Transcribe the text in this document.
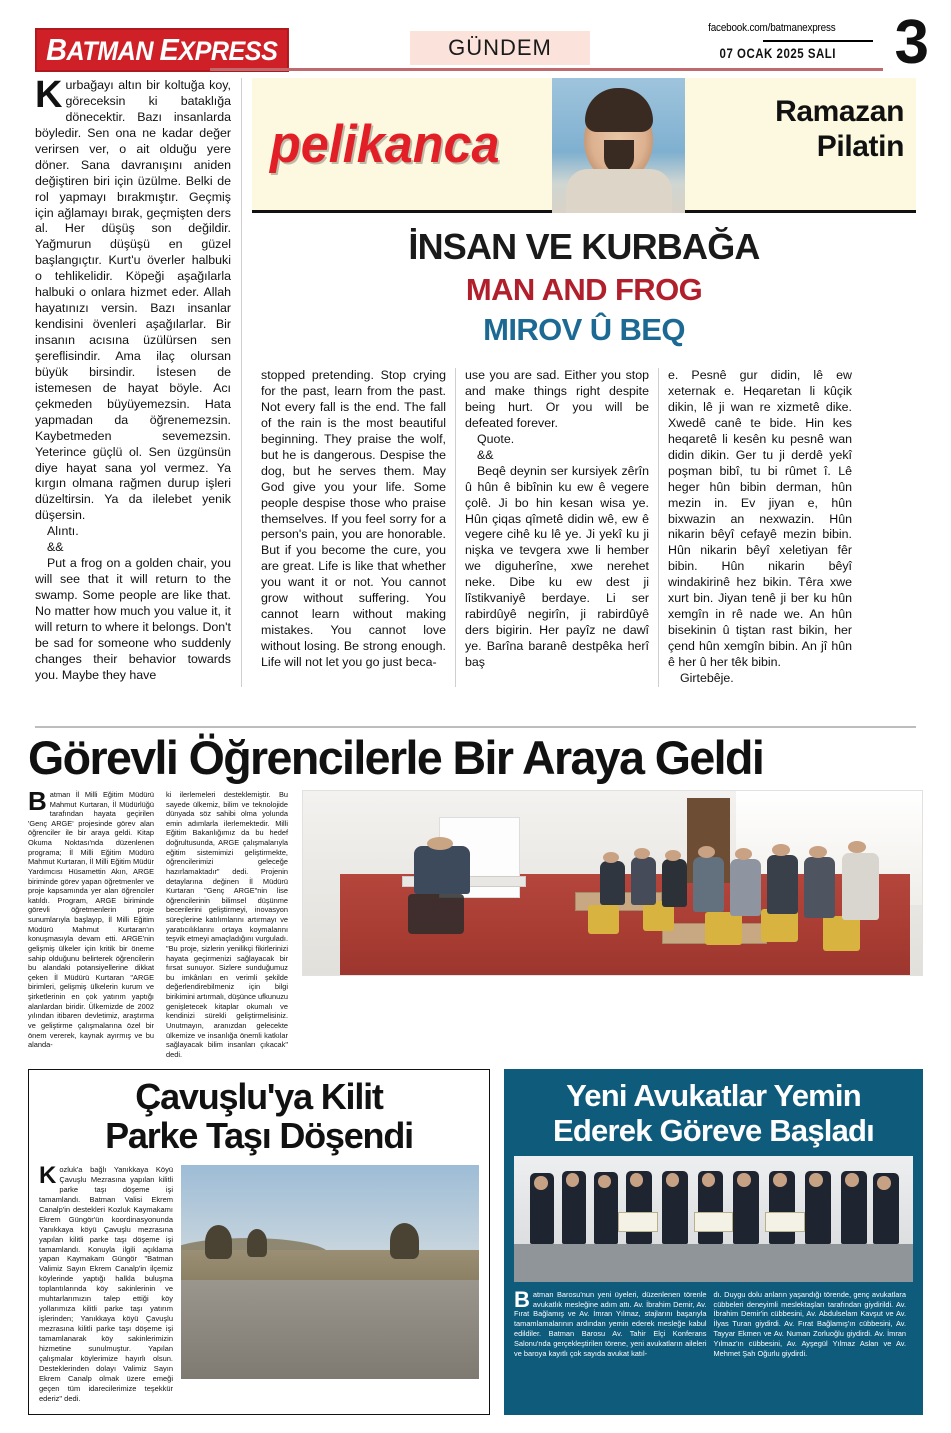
BATMAN EXPRESS	GÜNDEM
facebook.com/batmanexpress
07 OCAK 2025 SALI 3
Kurbağayı altın bir koltuğa koy, göreceksin ki bataklığa dönecektir. Bazı insanlarda böyledir. Sen ona ne kadar değer verirsen ver, o ait olduğu yere döner. Sana davranışını aniden değiştiren biri için üzülme. Belki de rol yapmayı bırakmıştır. Geçmiş için ağlamayı bırak, geçmişten ders al. Her düşüş son değildir. Yağmurun düşüşü en güzel başlangıçtır. Kurt'u överler halbuki o tehlikelidir. Köpeği aşağılarla halbuki o onlara hizmet eder. Allah hayatınızı versin. Bazı insanlar kendisini övenleri aşağılarlar. Bir insanın acısına üzülürsen sen şereflisindir. Ama ilaç olursan büyük birsindir. İstesen de istemesen de hayat böyle. Acı çekmeden büyüyemezsin. Hata yapmadan da öğrenemezsin. Kaybetmeden sevemezsin. Yeterince güçlü ol. Sen üzgünsün diye hayat sana yol vermez. Ya kırgın olmana rağmen durup işleri düzeltirsin. Ya da ilelebet yenik düşersin.
Alıntı.
&&
Put a frog on a golden chair, you will see that it will return to the swamp. Some people are like that. No matter how much you value it, it will return to where it belongs. Don't be sad for someone who suddenly changes their behavior towards you. Maybe they have
pelikanca
Ramazan
Pilatin
İNSAN VE KURBAĞA
MAN AND FROG
MIROV Û BEQ
stopped pretending. Stop crying for the past, learn from the past. Not every fall is the end. The fall of the rain is the most beautiful beginning. They praise the wolf, but he is dangerous. Despise the dog, but he serves them. May God give you your life. Some people despise those who praise themselves. If you feel sorry for a person's pain, you are honorable. But if you become the cure, you are great. Life is like that whether you want it or not. You cannot grow without suffering. You cannot learn without making mistakes. You cannot love without losing. Be strong enough. Life will not let you go just beca-
use you are sad. Either you stop and make things right despite being hurt. Or you will be defeated forever.
Quote.
&&
Beqê deynin ser kursiyek zêrîn û hûn ê bibînin ku ew ê vegere çolê. Ji bo hin kesan wisa ye. Hûn çiqas qîmetê didin wê, ew ê vegere cihê ku lê ye. Ji yekî ku ji nişka ve tevgera xwe li hember we diguherîne, xwe nerehet neke. Dibe ku ew dest ji lîstikvaniyê berdaye. Li ser rabirdûyê negirîn, ji rabirdûyê ders bigirin. Her payîz ne dawî ye. Barîna baranê destpêka herî baş
e. Pesnê gur didin, lê ew xeternak e. Heqaretan li kûçik dikin, lê ji wan re xizmetê dike. Xwedê canê te bide. Hin kes heqaretê li kesên ku pesnê wan didin dikin. Ger tu ji derdê yekî poşman bibî, tu bi rûmet î. Lê heger hûn bibin derman, hûn mezin in. Ev jiyan e, hûn bixwazin an nexwazin. Hûn nikarin bêyî cefayê mezin bibin. Hûn nikarin bêyî xeletiyan fêr bibin. Hûn nikarin bêyî windakirinê hez bikin. Têra xwe xurt bin. Jiyan tenê ji ber ku hûn xemgîn in rê nade we. An hûn bisekinin û tiştan rast bikin, her çend hûn xemgîn bibin. An jî hûn ê her û her têk bibin.
Girtebêje.
Görevli Öğrencilerle Bir Araya Geldi
Batman İl Milli Eğitim Müdürü Mahmut Kurtaran, İl Müdürlüğü tarafından hayata geçirilen 'Genç ARGE' projesinde görev alan öğrenciler ile bir araya geldi. Kitap Okuma Noktası'nda düzenlenen programa; İl Milli Eğitim Müdürü Mahmut Kurtaran, İl Milli Eğitim Müdür Yardımcısı Hüsamettin Akın, ARGE biriminde görev yapan öğretmenler ve proje kapsamında yer alan öğrenciler katıldı. Program, ARGE biriminde görevli öğretmenlerin proje sunumlarıyla başlayıp, İl Milli Eğitim Müdürü Mahmut Kurtaran'ın konuşmasıyla devam etti. ARGE'nin gelişmiş ülkeler için kritik bir öneme sahip olduğunu belirterek öğrencilerin bu alandaki potansiyellerine dikkat çeken İl Müdürü Kurtaran "ARGE birimleri, gelişmiş ülkelerin kurum ve şirketlerinin en çok yatırım yaptığı alanlardan biridir. Ülkemizde de 2002 yılından itibaren devletimiz, araştırma ve geliştirme çalışmalarına özel bir önem vererek, kaynak ayırmış ve bu alanda-
ki ilerlemeleri desteklemiştir. Bu sayede ülkemiz, bilim ve teknolojide dünyada söz sahibi olma yolunda emin adımlarla ilerlemektedir. Milli Eğitim Bakanlığımız da bu hedef doğrultusunda, ARGE çalışmalarıyla eğitim sistemimizi geliştirmekte, öğrencilerimizi geleceğe hazırlamaktadır" dedi. Projenin detaylarına değinen İl Müdürü Kurtaran "Genç ARGE"nin lise öğrencilerinin bilimsel düşünme becerilerini geliştirmeyi, inovasyon süreçlerine katılımlarını artırmayı ve yaratıcılıklarını ortaya koymalarını teşvik etmeyi amaçladığını vurguladı. "Bu proje, sizlerin yenilikçi fikirlerinizi hayata geçirmenizi sağlayacak bir fırsat sunuyor. Sizlere sunduğumuz bu imkânları en verimli şekilde değerlendirebilmeniz için bilgi birikimini artırmalı, düşünce ufkunuzu genişletecek kitaplar okumalı ve kendinizi sürekli geliştirmelisiniz. Unutmayın, aranızdan gelecekte ülkemize ve insanlığa önemli katkılar sağlayacak bilim insanları çıkacak" dedi.
Çavuşlu'ya Kilit
Parke Taşı Döşendi
Kozluk'a bağlı Yanıkkaya Köyü Çavuşlu Mezrasına yapılan kilitli parke taşı döşeme işi tamamlandı. Batman Valisi Ekrem Canalp'in destekleri Kozluk Kaymakamı Ekrem Güngör'ün koordinasyonunda Yanıkkaya köyü Çavuşlu mezrasına yapılan kilitli parke taşı döşeme işi tamamlandı. Konuyla ilgili açıklama yapan Kaymakam Güngör "Batman Valimiz Sayın Ekrem Canalp'in ilçemiz köylerinde yaptığı halkla buluşma toplantılarında köy sakinlerinin ve muhtarlarımızın talep ettiği köy yollarımıza kilitli parke taşı yatırım işlerinden; Yanıkkaya köyü Çavuşlu mezrasına kilitli parke taşı döşeme işi tamamlanarak köy sakinlerimizin hizmetine sunulmuştur. Yapılan çalışmalar köylerimize hayırlı olsun. Desteklerinden dolayı Valimiz Sayın Ekrem Canalp olmak üzere emeği geçen tüm idarecilerimize teşekkür ederiz" dedi.
Yeni Avukatlar Yemin
Ederek Göreve Başladı
Batman Barosu'nun yeni üyeleri, düzenlenen törenle avukatlık mesleğine adım attı. Av. İbrahim Demir, Av. Fırat Bağlamış ve Av. İmran Yılmaz, stajlarını başarıyla tamamlamalarının ardından yemin ederek mesleğe kabul edildiler. Batman Barosu Av. Tahir Elçi Konferans Salonu'nda gerçekleştirilen törene, yeni avukatların aileleri ve baroya kayıtlı çok sayıda avukat katıl-
dı. Duygu dolu anların yaşandığı törende, genç avukatlara cübbeleri deneyimli meslektaşları tarafından giydirildi. Av. İbrahim Demir'in cübbesini, Av. Abdulselam Kavşut ve Av. İlyas Turan giydirdi. Av. Fırat Bağlamış'ın cübbesini, Av. Tayyar Ekmen ve Av. Numan Zorluoğlu giydirdi. Av. İmran Yılmaz'ın cübbesini, Av. Ayşegül Yılmaz Aslan ve Av. Mehmet Şah Oğurlu giydirdi.
